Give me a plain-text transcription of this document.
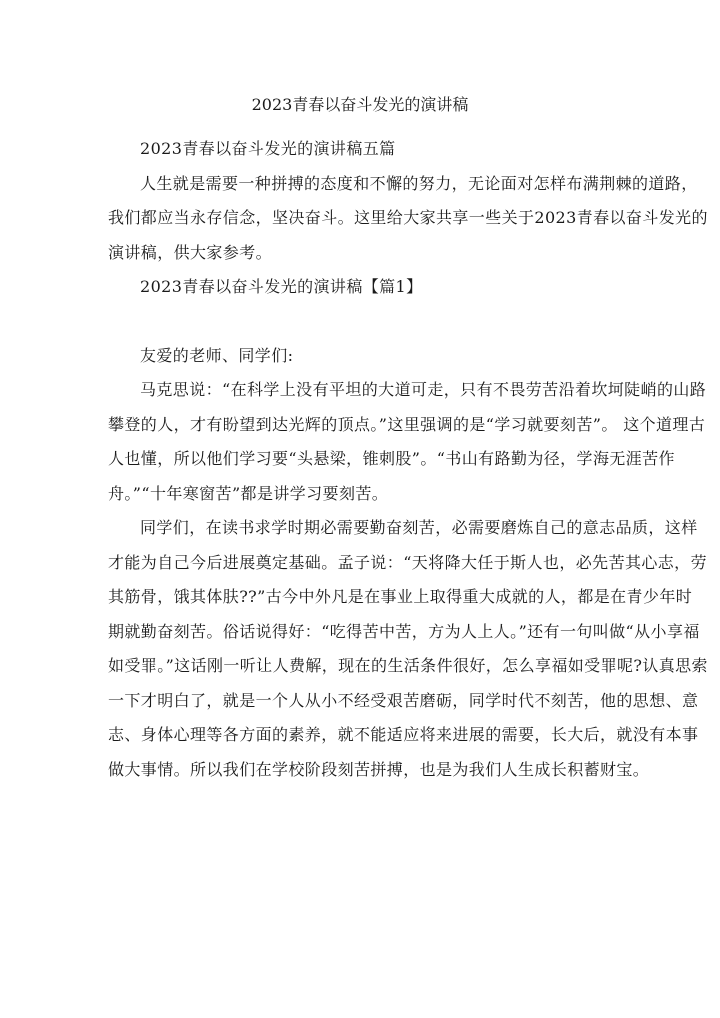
2023青春以奋斗发光的演讲稿

2023青春以奋斗发光的演讲稿五篇

人生就是需要一种拼搏的态度和不懈的努力，无论面对怎样布满荆棘的道路，我们都应当永存信念，坚决奋斗。这里给大家共享一些关于2023青春以奋斗发光的演讲稿，供大家参考。

2023青春以奋斗发光的演讲稿【篇1】

友爱的老师、同学们:

马克思说：“在科学上没有平坦的大道可走，只有不畏劳苦沿着坎坷陡峭的山路攀登的人，才有盼望到达光辉的顶点。”这里强调的是“学习就要刻苦”。 这个道理古人也懂，所以他们学习要“头悬梁，锥刺股”。“书山有路勤为径，学海无涯苦作舟。”“十年寒窗苦”都是讲学习要刻苦。

同学们，在读书求学时期必需要勤奋刻苦，必需要磨炼自己的意志品质，这样才能为自己今后进展奠定基础。孟子说：“天将降大任于斯人也，必先苦其心志，劳其筋骨，饿其体肤??”古今中外凡是在事业上取得重大成就的人，都是在青少年时期就勤奋刻苦。俗话说得好：“吃得苦中苦，方为人上人。”还有一句叫做“从小享福如受罪。”这话刚一听让人费解，现在的生活条件很好，怎么享福如受罪呢?认真思索一下才明白了，就是一个人从小不经受艰苦磨砺，同学时代不刻苦，他的思想、意志、身体心理等各方面的素养，就不能适应将来进展的需要，长大后，就没有本事做大事情。所以我们在学校阶段刻苦拼搏，也是为我们人生成长积蓄财宝。
